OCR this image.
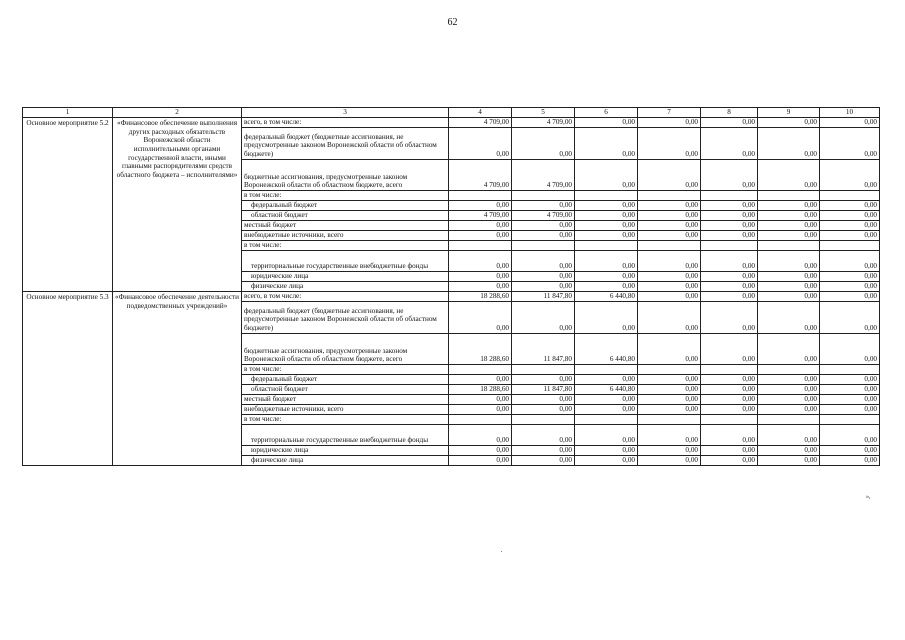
62
1	2	3	4	5	6	7	8	9	10
Основное мероприятие 5.2	«Финансовое обеспечение выполнения других расходных обязательств Воронежской области исполнительными органами государственной власти, иными главными распорядителями средств областного бюджета – исполнителями»	всего, в том числе:	4 709,00	4 709,00	0,00	0,00	0,00	0,00	0,00
		федеральный бюджет (бюджетные ассигнования, не предусмотренные законом Воронежской области об областном бюджете)	0,00	0,00	0,00	0,00	0,00	0,00	0,00
		бюджетные ассигнования, предусмотренные законом Воронежской области об областном бюджете, всего	4 709,00	4 709,00	0,00	0,00	0,00	0,00	0,00
		в том числе:							
		федеральный бюджет	0,00	0,00	0,00	0,00	0,00	0,00	0,00
		областной бюджет	4 709,00	4 709,00	0,00	0,00	0,00	0,00	0,00
		местный бюджет	0,00	0,00	0,00	0,00	0,00	0,00	0,00
		внебюджетные источники, всего	0,00	0,00	0,00	0,00	0,00	0,00	0,00
		в том числе:							
		территориальные государственные внебюджетные фонды	0,00	0,00	0,00	0,00	0,00	0,00	0,00
		юридические лица	0,00	0,00	0,00	0,00	0,00	0,00	0,00
		физические лица	0,00	0,00	0,00	0,00	0,00	0,00	0,00
Основное мероприятие 5.3	«Финансовое обеспечение деятельности подведомственных учреждений»	всего, в том числе:	18 288,60	11 847,80	6 440,80	0,00	0,00	0,00	0,00
		федеральный бюджет (бюджетные ассигнования, не предусмотренные законом Воронежской области об областном бюджете)	0,00	0,00	0,00	0,00	0,00	0,00	0,00
		бюджетные ассигнования, предусмотренные законом Воронежской области об областном бюджете, всего	18 288,60	11 847,80	6 440,80	0,00	0,00	0,00	0,00
		в том числе:							
		федеральный бюджет	0,00	0,00	0,00	0,00	0,00	0,00	0,00
		областной бюджет	18 288,60	11 847,80	6 440,80	0,00	0,00	0,00	0,00
		местный бюджет	0,00	0,00	0,00	0,00	0,00	0,00	0,00
		внебюджетные источники, всего	0,00	0,00	0,00	0,00	0,00	0,00	0,00
		в том числе:							
		территориальные государственные внебюджетные фонды	0,00	0,00	0,00	0,00	0,00	0,00	0,00
		юридические лица	0,00	0,00	0,00	0,00	0,00	0,00	0,00
		физические лица	0,00	0,00	0,00	0,00	0,00	0,00	0,00
»,
